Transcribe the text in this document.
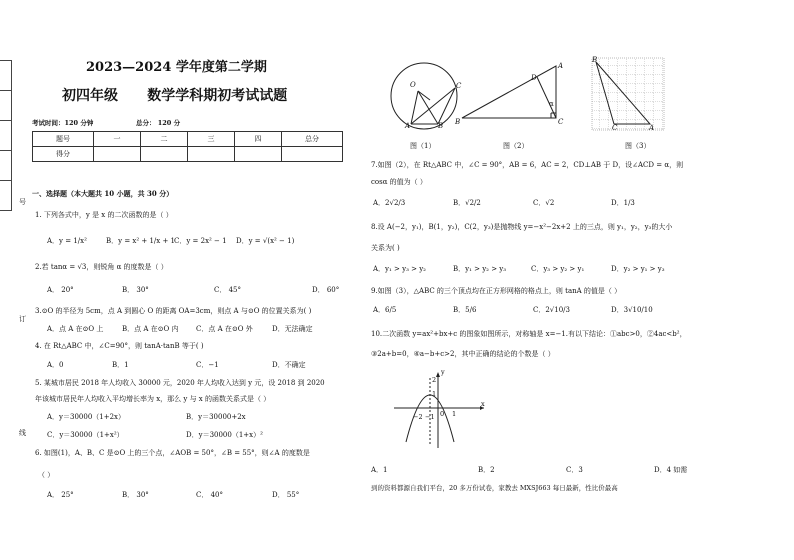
号
订
线
2023—2024 学年度第二学期
初四年级      数学学科期初考试试题
考试时间：120 分钟	总分： 120 分
题号	一	二	三	四	总分
得分					
一、选择题（本大题共 10 小题，共 30 分）
1. 下列各式中，y 是 x 的二次函数的是（ ）
A．y = 1/x²	B．y = x² + 1/x + 1
C．y = 2x² − 1 D．y = √(x² − 1)
2.若 tanα = √3，则锐角 α 的度数是（ ）
A． 20°	B． 30°	C． 45°	D． 60°
3.⊙O 的半径为 5cm，点 A 到圆心 O 的距离 OA=3cm，则点 A 与⊙O 的位置关系为( )
A．点 A 在⊙O 上	B．点 A 在⊙O 内	C．点 A 在⊙O 外	D．无法确定
4. 在 Rt△ABC 中，∠C=90°，则 tanA·tanB 等于( )
A．0	B．1	C．−1	D．不确定
5. 某城市居民 2018 年人均收入 30000 元，2020 年人均收入达到 y 元，设 2018 到 2020
年该城市居民年人均收入平均增长率为 x，那么 y 与 x 的函数关系式是（ ）
A．y＝30000（1+2x）	B．y＝30000+2x
C．y＝30000（1+x²）	D．y＝30000（1+x）²
6. 如图(1)，A、B、C 是⊙O 上的三个点，∠AOB = 50°，∠B = 55°，则∠A 的度数是
（ ）
A． 25°	B． 30°	C． 40°	D． 55°
O	C
A	B
图（1）
A
D
B	C
α
图（2）
B
C	A
图（3）
7.如图（2），在 Rt△ABC 中，∠C = 90°，AB = 6，AC = 2，CD⊥AB 于 D，设∠ACD = α，则
cosα 的值为（ ）
A．2√2/3	B．√2/2	C．√2	D．1/3
8.设 A(−2，y₁)，B(1，y₂)，C(2，y₃)是抛物线 y=−x²−2x+2 上的三点，则 y₁，y₂，y₃的大小
关系为( )
A．y₁ > y₃ > y₂	B．y₁ > y₂ > y₃	C．y₃ > y₂ > y₁	D．y₂ > y₁ > y₃
9.如图（3），△ABC 的三个顶点均在正方形网格的格点上，则 tanA 的值是（ ）
A．6/5	B．5/6	C．2√10/3	D．3√10/10
10.二次函数 y=ax²+bx+c 的图象如图所示，对称轴是 x=−1.有以下结论：①abc>0，②4ac<b²，
③2a+b=0，④a−b+c>2，其中正确的结论的个数是（ ）
−2 −1 0 1
x
y
2
1
A．1	B．2	C．3	D．4 如需
到的资料都源自我们平台，20 多万份试卷，家教去 MXSJ663 每日最新，性比价最高
